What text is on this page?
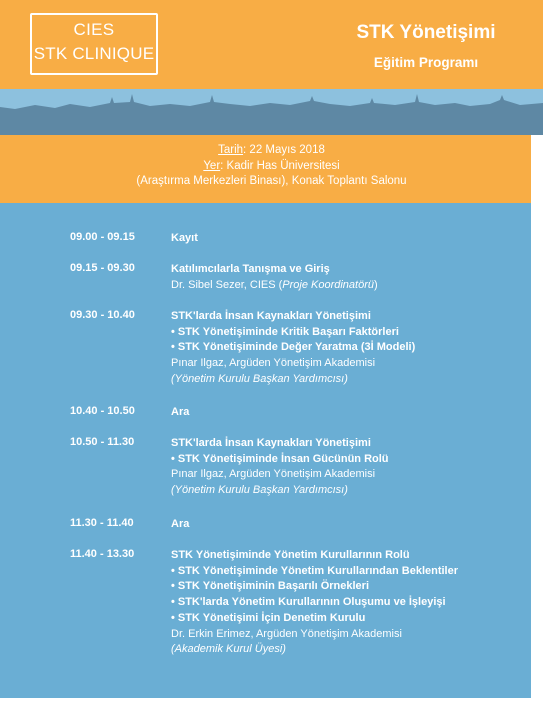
CIES
STK CLINIQUE
STK Yönetişimi
Eğitim Programı
Tarih: 22 Mayıs 2018
Yer: Kadir Has Üniversitesi
(Araştırma Merkezleri Binası), Konak Toplantı Salonu
09.00 - 09.15	Kayıt
09.15 - 09.30	Katılımcılarla Tanışma ve Giriş
Dr. Sibel Sezer, CIES (Proje Koordinatörü)
09.30 - 10.40	STK'larda İnsan Kaynakları Yönetişimi
• STK Yönetişiminde Kritik Başarı Faktörleri
• STK Yönetişiminde Değer Yaratma (3İ Modeli)
Pınar Ilgaz, Argüden Yönetişim Akademisi
(Yönetim Kurulu Başkan Yardımcısı)
10.40 - 10.50	Ara
10.50 - 11.30	STK'larda İnsan Kaynakları Yönetişimi
• STK Yönetişiminde İnsan Gücünün Rolü
Pınar Ilgaz, Argüden Yönetişim Akademisi
(Yönetim Kurulu Başkan Yardımcısı)
11.30 - 11.40	Ara
11.40 - 13.30	STK Yönetişiminde Yönetim Kurullarının Rolü
• STK Yönetişiminde Yönetim Kurullarından Beklentiler
• STK Yönetişiminin Başarılı Örnekleri
• STK'larda Yönetim Kurullarının Oluşumu ve İşleyişi
• STK Yönetişimi İçin Denetim Kurulu
Dr. Erkin Erimez, Argüden Yönetişim Akademisi
(Akademik Kurul Üyesi)
